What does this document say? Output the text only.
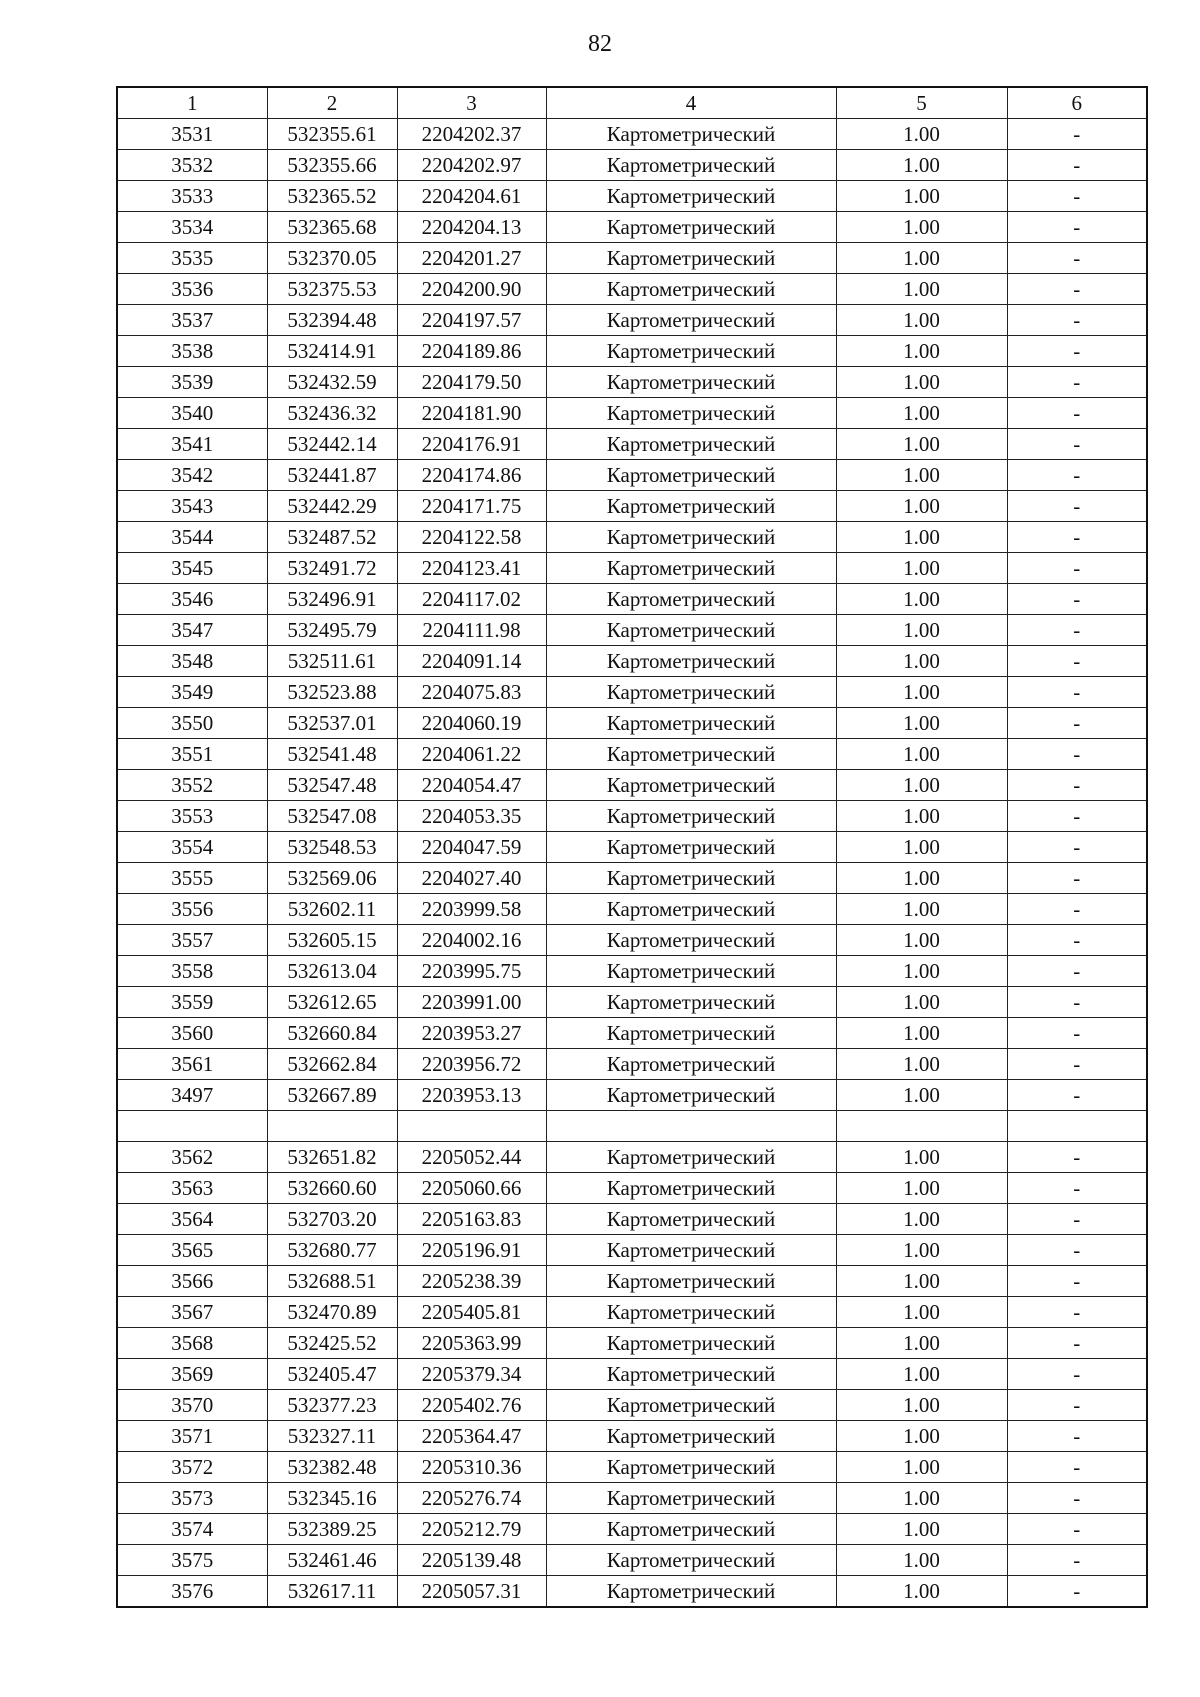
82
1	2	3	4	5	6
3531	532355.61	2204202.37	Картометрический	1.00	-
3532	532355.66	2204202.97	Картометрический	1.00	-
3533	532365.52	2204204.61	Картометрический	1.00	-
3534	532365.68	2204204.13	Картометрический	1.00	-
3535	532370.05	2204201.27	Картометрический	1.00	-
3536	532375.53	2204200.90	Картометрический	1.00	-
3537	532394.48	2204197.57	Картометрический	1.00	-
3538	532414.91	2204189.86	Картометрический	1.00	-
3539	532432.59	2204179.50	Картометрический	1.00	-
3540	532436.32	2204181.90	Картометрический	1.00	-
3541	532442.14	2204176.91	Картометрический	1.00	-
3542	532441.87	2204174.86	Картометрический	1.00	-
3543	532442.29	2204171.75	Картометрический	1.00	-
3544	532487.52	2204122.58	Картометрический	1.00	-
3545	532491.72	2204123.41	Картометрический	1.00	-
3546	532496.91	2204117.02	Картометрический	1.00	-
3547	532495.79	2204111.98	Картометрический	1.00	-
3548	532511.61	2204091.14	Картометрический	1.00	-
3549	532523.88	2204075.83	Картометрический	1.00	-
3550	532537.01	2204060.19	Картометрический	1.00	-
3551	532541.48	2204061.22	Картометрический	1.00	-
3552	532547.48	2204054.47	Картометрический	1.00	-
3553	532547.08	2204053.35	Картометрический	1.00	-
3554	532548.53	2204047.59	Картометрический	1.00	-
3555	532569.06	2204027.40	Картометрический	1.00	-
3556	532602.11	2203999.58	Картометрический	1.00	-
3557	532605.15	2204002.16	Картометрический	1.00	-
3558	532613.04	2203995.75	Картометрический	1.00	-
3559	532612.65	2203991.00	Картометрический	1.00	-
3560	532660.84	2203953.27	Картометрический	1.00	-
3561	532662.84	2203956.72	Картометрический	1.00	-
3497	532667.89	2203953.13	Картометрический	1.00	-

3562	532651.82	2205052.44	Картометрический	1.00	-
3563	532660.60	2205060.66	Картометрический	1.00	-
3564	532703.20	2205163.83	Картометрический	1.00	-
3565	532680.77	2205196.91	Картометрический	1.00	-
3566	532688.51	2205238.39	Картометрический	1.00	-
3567	532470.89	2205405.81	Картометрический	1.00	-
3568	532425.52	2205363.99	Картометрический	1.00	-
3569	532405.47	2205379.34	Картометрический	1.00	-
3570	532377.23	2205402.76	Картометрический	1.00	-
3571	532327.11	2205364.47	Картометрический	1.00	-
3572	532382.48	2205310.36	Картометрический	1.00	-
3573	532345.16	2205276.74	Картометрический	1.00	-
3574	532389.25	2205212.79	Картометрический	1.00	-
3575	532461.46	2205139.48	Картометрический	1.00	-
3576	532617.11	2205057.31	Картометрический	1.00	-
